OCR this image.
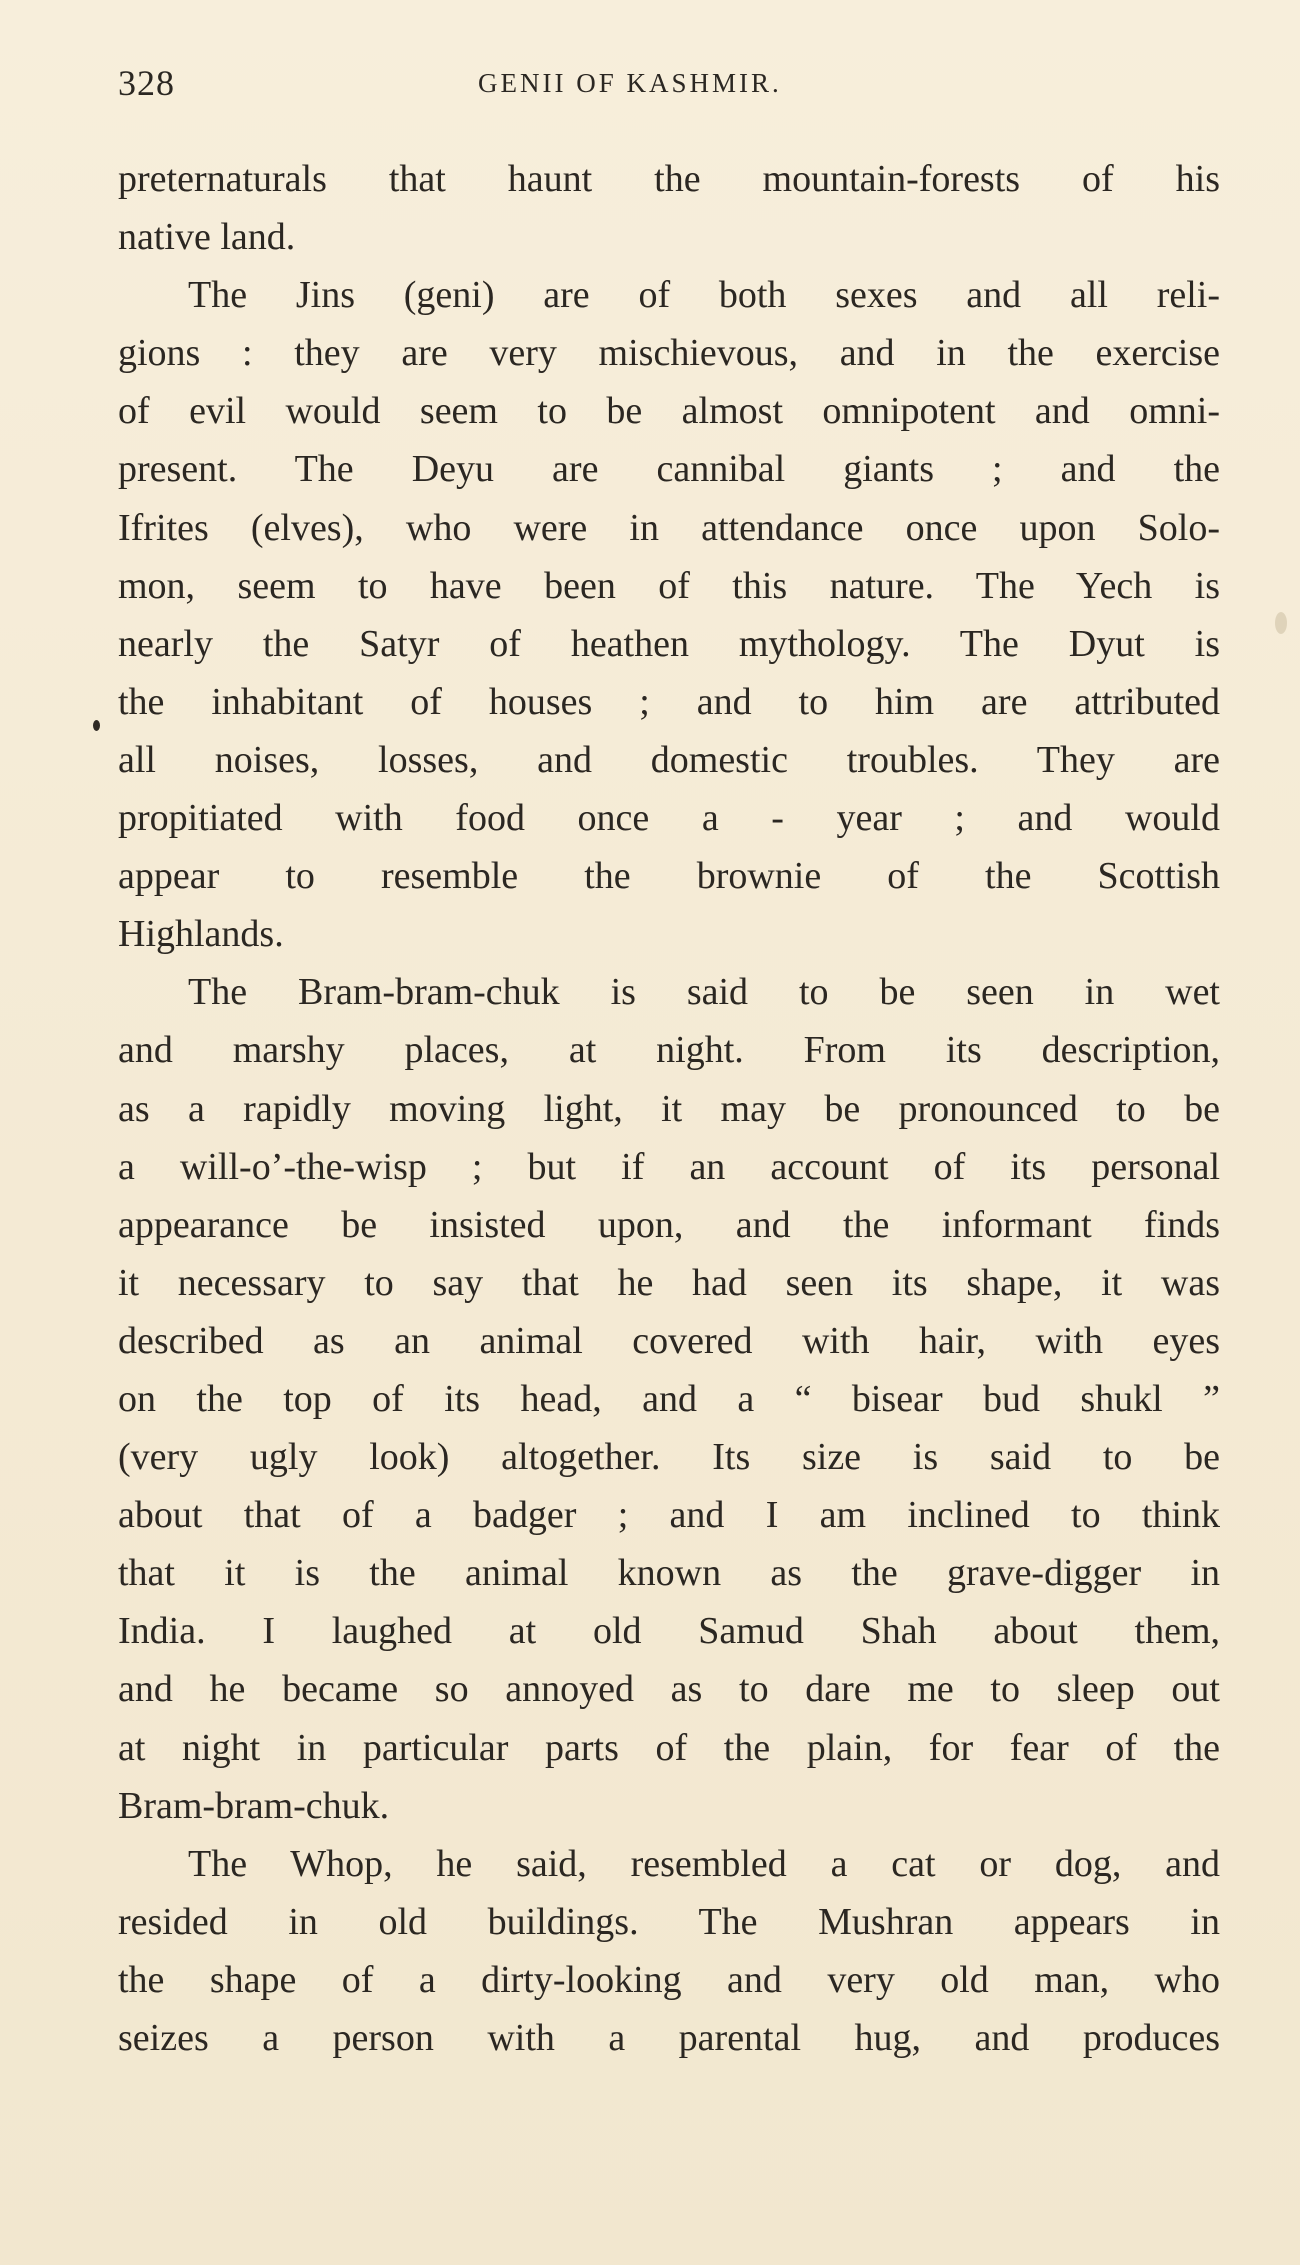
328	GENII OF KASHMIR.
preternaturals that haunt the mountain-forests of his
native land.
The Jins (geni) are of both sexes and all reli-
gions : they are very mischievous, and in the exercise
of evil would seem to be almost omnipotent and omni-
present. The Deyu are cannibal giants ; and the
Ifrites (elves), who were in attendance once upon Solo-
mon, seem to have been of this nature. The Yech is
nearly the Satyr of heathen mythology. The Dyut is
the inhabitant of houses ; and to him are attributed
all noises, losses, and domestic troubles. They are
propitiated with food once a - year ; and would
appear to resemble the brownie of the Scottish
Highlands.
The Bram-bram-chuk is said to be seen in wet
and marshy places, at night. From its description,
as a rapidly moving light, it may be pronounced to be
a will-o’-the-wisp ; but if an account of its personal
appearance be insisted upon, and the informant finds
it necessary to say that he had seen its shape, it was
described as an animal covered with hair, with eyes
on the top of its head, and a “ bisear bud shukl ”
(very ugly look) altogether. Its size is said to be
about that of a badger ; and I am inclined to think
that it is the animal known as the grave-digger in
India. I laughed at old Samud Shah about them,
and he became so annoyed as to dare me to sleep out
at night in particular parts of the plain, for fear of the
Bram-bram-chuk.
The Whop, he said, resembled a cat or dog, and
resided in old buildings. The Mushran appears in
the shape of a dirty-looking and very old man, who
seizes a person with a parental hug, and produces
